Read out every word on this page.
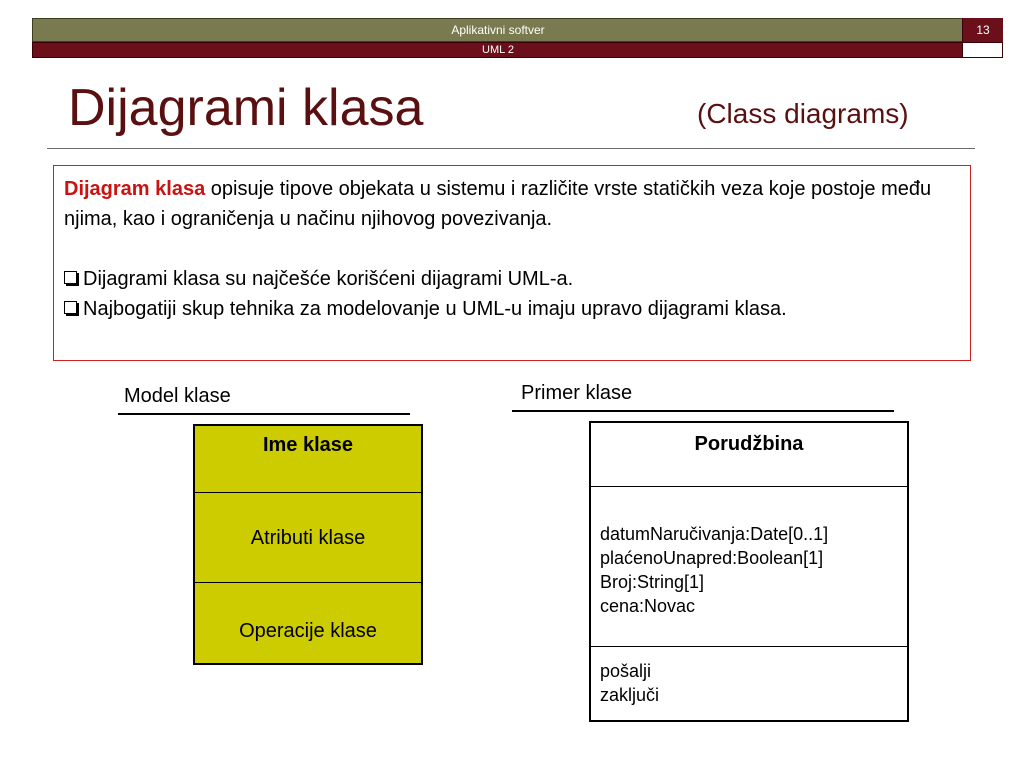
Aplikativni softver
UML 2
13
Dijagrami klasa	(Class diagrams)

Dijagram klasa opisuje tipove objekata u sistemu i različite vrste statičkih veza koje postoje među njima, kao i ograničenja u načinu njihovog povezivanja.

Dijagrami klasa su najčešće korišćeni dijagrami UML-a.

Najbogatiji skup tehnika za modelovanje u UML-u imaju upravo dijagrami klasa.

Model klase
Ime klase
Atributi klase
Operacije klase
Primer klase
Porudžbina
datumNaručivanja:Date[0..1]
plaćenoUnapred:Boolean[1]
Broj:String[1]
cena:Novac
pošalji
zaključi
